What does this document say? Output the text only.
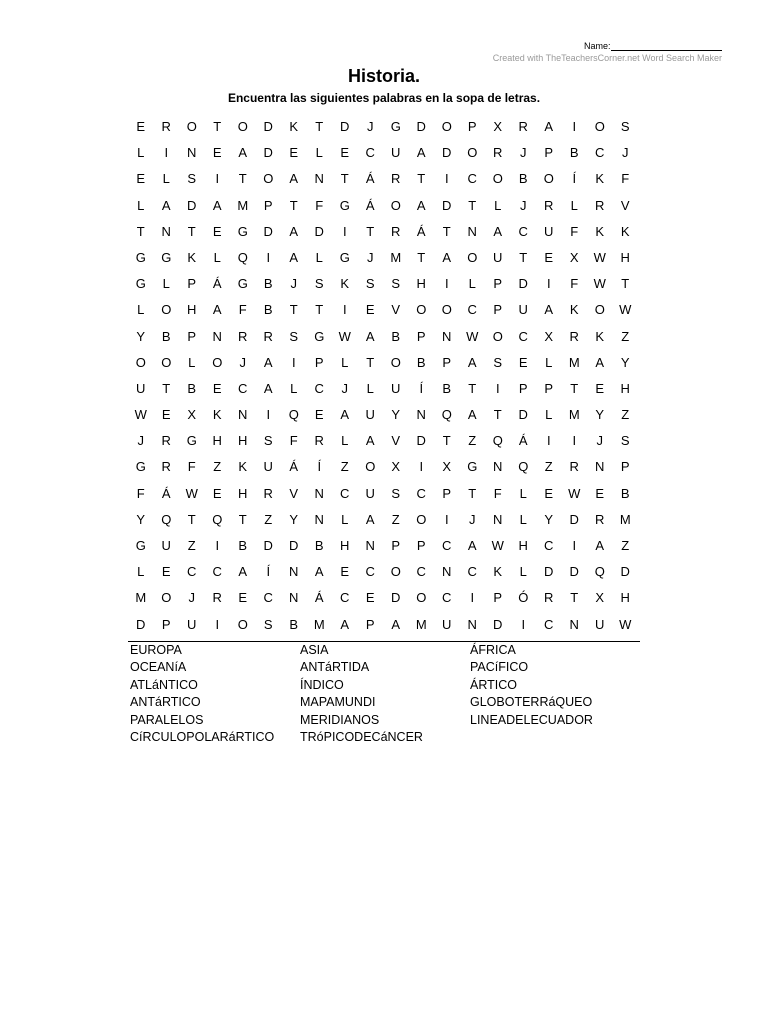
Name:
Created with TheTeachersCorner.net Word Search Maker
Historia.
Encuentra las siguientes palabras en la sopa de letras.
E	R	O	T	O	D	K	T	D	J	G	D	O	P	X	R	A	I	O	S
L	I	N	E	A	D	E	L	E	C	U	A	D	O	R	J	P	B	C	J
E	L	S	I	T	O	A	N	T	Á	R	T	I	C	O	B	O	Í	K	F
L	A	D	A	M	P	T	F	G	Á	O	A	D	T	L	J	R	L	R	V
T	N	T	E	G	D	A	D	I	T	R	Á	T	N	A	C	U	F	K	K
G	G	K	L	Q	I	A	L	G	J	M	T	A	O	U	T	E	X	W	H
G	L	P	Á	G	B	J	S	K	S	S	H	I	L	P	D	I	F	W	T
L	O	H	A	F	B	T	T	I	E	V	O	O	C	P	U	A	K	O	W
Y	B	P	N	R	R	S	G	W	A	B	P	N	W	O	C	X	R	K	Z
O	O	L	O	J	A	I	P	L	T	O	B	P	A	S	E	L	M	A	Y
U	T	B	E	C	A	L	C	J	L	U	Í	B	T	I	P	P	T	E	H
W	E	X	K	N	I	Q	E	A	U	Y	N	Q	A	T	D	L	M	Y	Z
J	R	G	H	H	S	F	R	L	A	V	D	T	Z	Q	Á	I	I	J	S
G	R	F	Z	K	U	Á	Í	Z	O	X	I	X	G	N	Q	Z	R	N	P
F	Á	W	E	H	R	V	N	C	U	S	C	P	T	F	L	E	W	E	B
Y	Q	T	Q	T	Z	Y	N	L	A	Z	O	I	J	N	L	Y	D	R	M
G	U	Z	I	B	D	D	B	H	N	P	P	C	A	W	H	C	I	A	Z
L	E	C	C	A	Í	N	A	E	C	O	C	N	C	K	L	D	D	Q	D
M	O	J	R	E	C	N	Á	C	E	D	O	C	I	P	Ó	R	T	X	H
D	P	U	I	O	S	B	M	A	P	A	M	U	N	D	I	C	N	U	W
EUROPA	ASIA	ÁFRICA
OCEANíA	ANTáRTIDA	PACíFICO
ATLáNTICO	ÍNDICO	ÁRTICO
ANTáRTICO	MAPAMUNDI	GLOBOTERRáQUEO
PARALELOS	MERIDIANOS	LINEADELECUADOR
CíRCULOPOLARáRTICO	TRóPICODECáNCER
